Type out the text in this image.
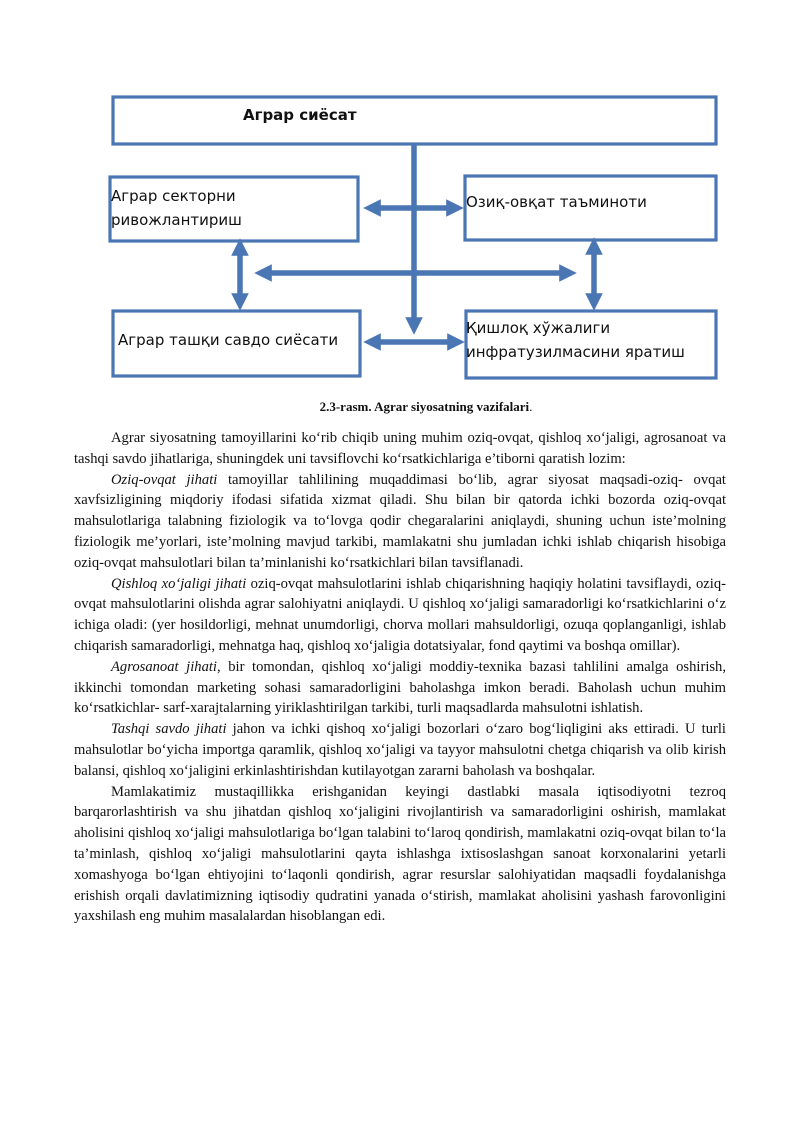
Аграр сиёсат
Аграр секторни
ривожлантириш
Озиқ-овқат таъминоти
Аграр ташқи савдо сиёсати
Қишлоқ хўжалиги
инфратузилмасини яратиш
2.3-rasm. Agrar siyosatning vazifalari.

Agrar siyosatning tamoyillarini ko‘rib chiqib uning muhim oziq-ovqat, qishloq xo‘jaligi, agrosanoat va tashqi savdo jihatlariga, shuningdek uni tavsiflovchi ko‘rsatkichlariga e’tiborni qaratish lozim:

Oziq-ovqat jihati tamoyillar tahlilining muqaddimasi bo‘lib, agrar siyosat maqsadi-oziq- ovqat xavfsizligining miqdoriy ifodasi sifatida xizmat qiladi. Shu bilan bir qatorda ichki bozorda oziq-ovqat mahsulotlariga talabning fiziologik va to‘lovga qodir chegaralarini aniqlaydi, shuning uchun iste’molning fiziologik me’yorlari, iste’molning mavjud tarkibi, mamlakatni shu jumladan ichki ishlab chiqarish hisobiga oziq-ovqat mahsulotlari bilan ta’minlanishi ko‘rsatkichlari bilan tavsiflanadi.

Qishloq xo‘jaligi jihati oziq-ovqat mahsulotlarini ishlab chiqarishning haqiqiy holatini tavsiflaydi, oziq-ovqat mahsulotlarini olishda agrar salohiyatni aniqlaydi. U qishloq xo‘jaligi samaradorligi ko‘rsatkichlarini o‘z ichiga oladi: (yer hosildorligi, mehnat unumdorligi, chorva mollari mahsuldorligi, ozuqa qoplanganligi, ishlab chiqarish samaradorligi, mehnatga haq, qishloq xo‘jaligia dotatsiyalar, fond qaytimi va boshqa omillar).

Agrosanoat jihati, bir tomondan, qishloq xo‘jaligi moddiy-texnika bazasi tahlilini amalga oshirish, ikkinchi tomondan marketing sohasi samaradorligini baholashga imkon beradi. Baholash uchun muhim ko‘rsatkichlar- sarf-xarajtalarning yiriklashtirilgan tarkibi, turli maqsadlarda mahsulotni ishlatish.

Tashqi savdo jihati jahon va ichki qishoq xo‘jaligi bozorlari o‘zaro bog‘liqligini aks ettiradi. U turli mahsulotlar bo‘yicha importga qaramlik, qishloq xo‘jaligi va tayyor mahsulotni chetga chiqarish va olib kirish balansi, qishloq xo‘jaligini erkinlashtirishdan kutilayotgan zararni baholash va boshqalar.

Mamlakatimiz mustaqillikka erishganidan keyingi dastlabki masala iqtisodiyotni tezroq barqarorlashtirish va shu jihatdan qishloq xo‘jaligini rivojlantirish va samaradorligini oshirish, mamlakat aholisini qishloq xo‘jaligi mahsulotlariga bo‘lgan talabini to‘laroq qondirish, mamlakatni oziq-ovqat bilan to‘la ta’minlash, qishloq xo‘jaligi mahsulotlarini qayta ishlashga ixtisoslashgan sanoat korxonalarini yetarli xomashyoga bo‘lgan ehtiyojini to‘laqonli qondirish, agrar resurslar salohiyatidan maqsadli foydalanishga erishish orqali davlatimizning iqtisodiy qudratini yanada o‘stirish, mamlakat aholisini yashash farovonligini yaxshilash eng muhim masalalardan hisoblangan edi.
